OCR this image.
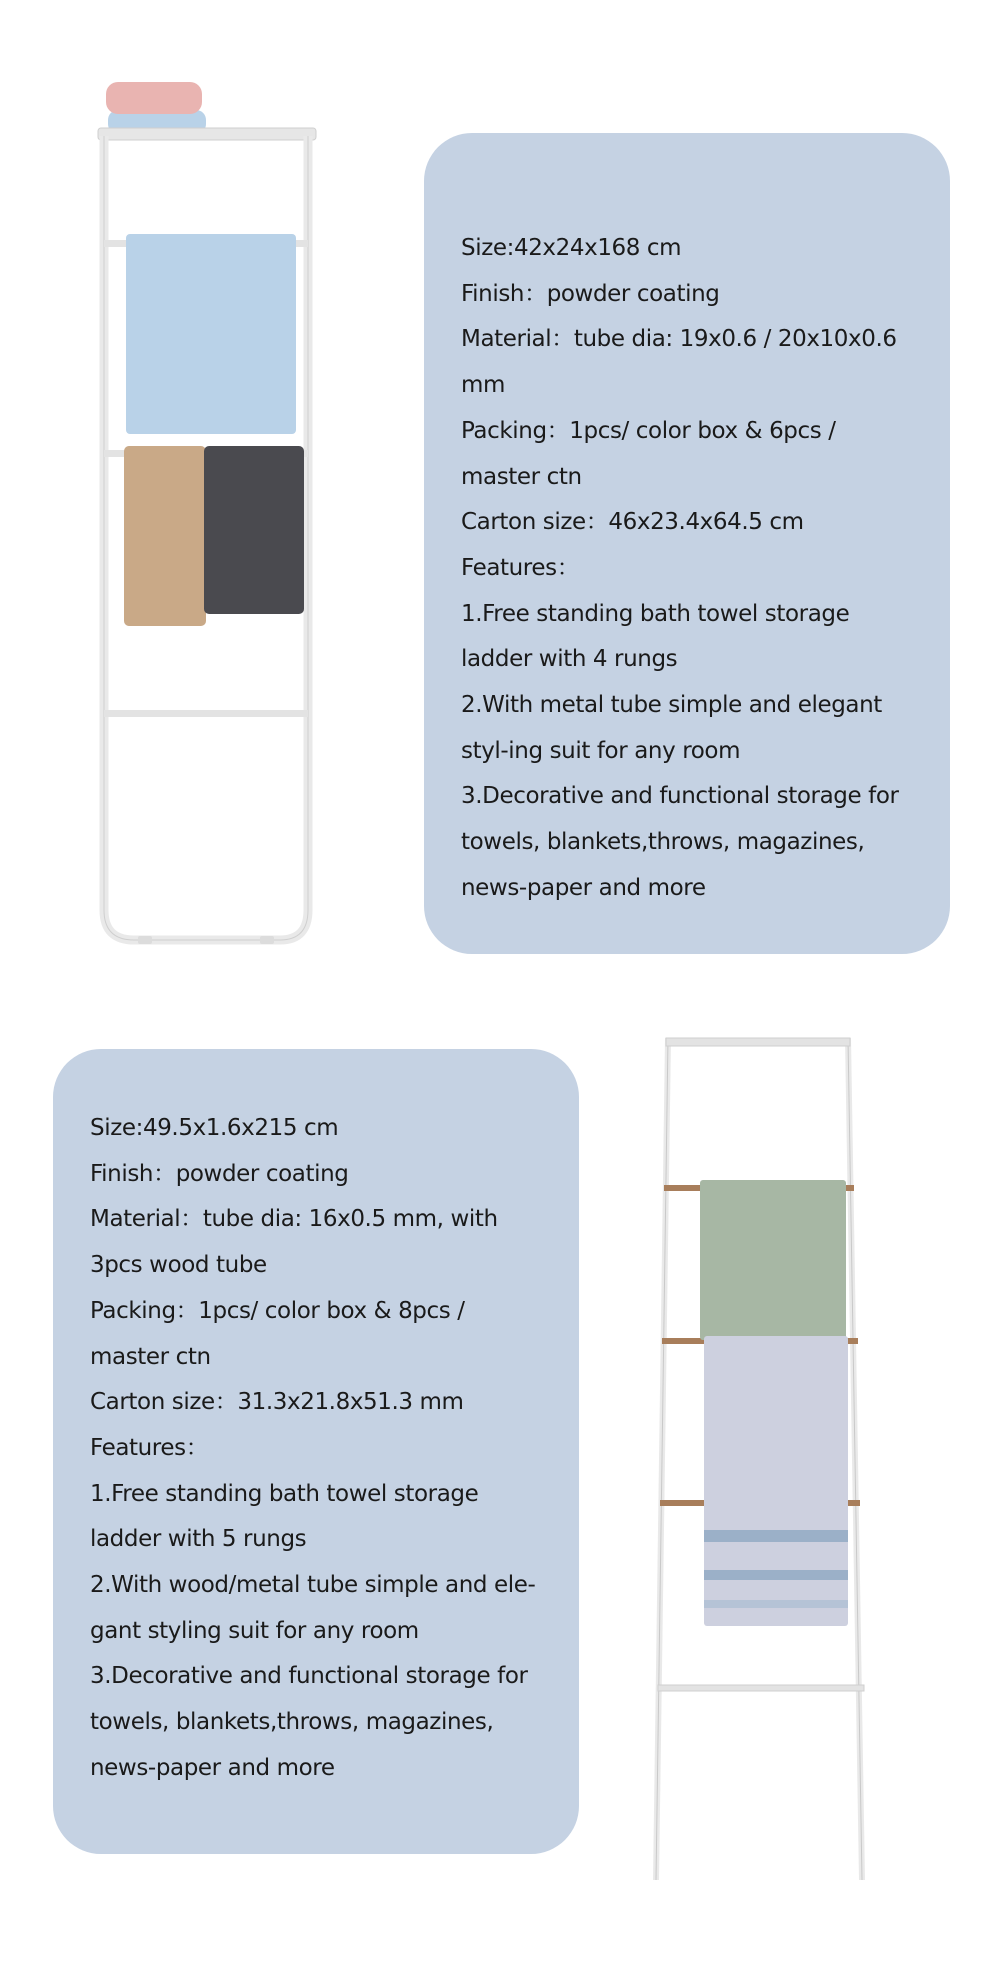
Size:42x24x168 cm

Finish：powder coating

Material：tube dia: 19x0.6 / 20x10x0.6 mm

Packing：1pcs/ color box & 6pcs / master ctn

Carton size：46x23.4x64.5 cm

Features：

1.Free standing bath towel storage ladder with 4 rungs

2.With metal tube simple and elegant styl-ing suit for any room

3.Decorative and functional storage for towels, blankets,throws, magazines, news-paper and more

Size:49.5x1.6x215 cm

Finish：powder coating

Material：tube dia: 16x0.5 mm, with 3pcs wood tube

Packing：1pcs/ color box & 8pcs / master ctn

Carton size：31.3x21.8x51.3 mm

Features：

1.Free standing bath towel storage ladder with 5 rungs

2.With wood/metal tube simple and ele-gant styling suit for any room

3.Decorative and functional storage for towels, blankets,throws, magazines, news-paper and more
